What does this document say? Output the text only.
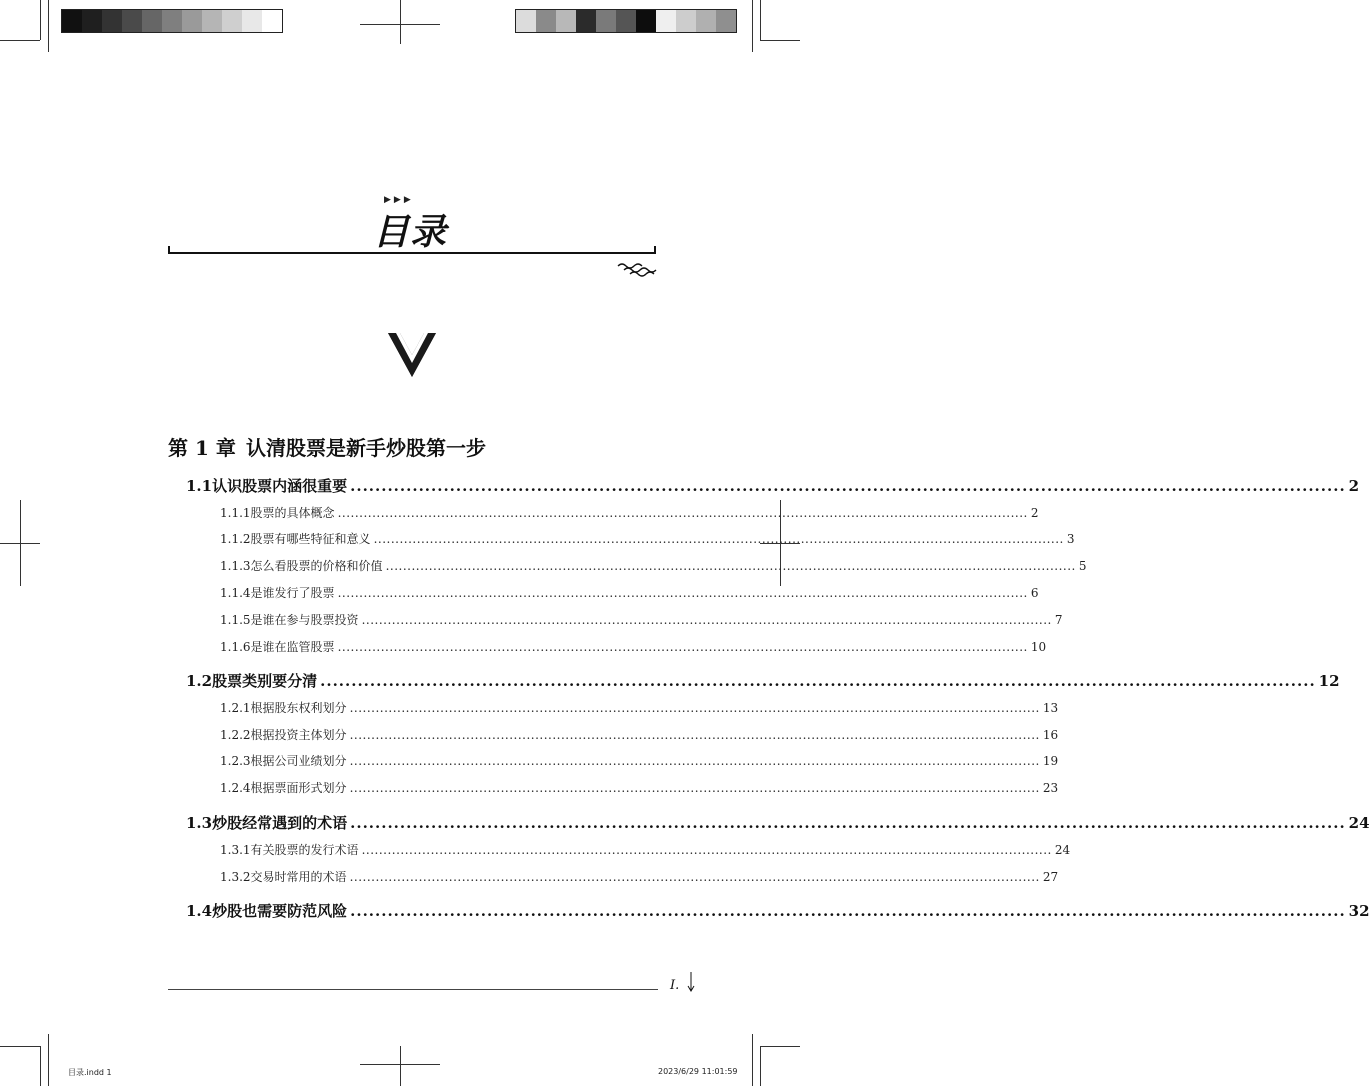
▶▶▶
目录
第 1 章 认清股票是新手炒股第一步
1.1 认识股票内涵很重要 ................................................................................................................................................................ 2
1.1.1 股票的具体概念 ................................................................................................................................................................ 2
1.1.2 股票有哪些特征和意义 ................................................................................................................................................................ 3
1.1.3 怎么看股票的价格和价值 ................................................................................................................................................................ 5
1.1.4 是谁发行了股票 ................................................................................................................................................................ 6
1.1.5 是谁在参与股票投资 ................................................................................................................................................................ 7
1.1.6 是谁在监管股票 ................................................................................................................................................................ 10
1.2 股票类别要分清 ................................................................................................................................................................ 12
1.2.1 根据股东权利划分 ................................................................................................................................................................ 13
1.2.2 根据投资主体划分 ................................................................................................................................................................ 16
1.2.3 根据公司业绩划分 ................................................................................................................................................................ 19
1.2.4 根据票面形式划分 ................................................................................................................................................................ 23
1.3 炒股经常遇到的术语 ................................................................................................................................................................ 24
1.3.1 有关股票的发行术语 ................................................................................................................................................................ 24
1.3.2 交易时常用的术语 ................................................................................................................................................................ 27
1.4 炒股也需要防范风险 ................................................................................................................................................................ 32
I.
目录.indd 1	2023/6/29 11:01:59
